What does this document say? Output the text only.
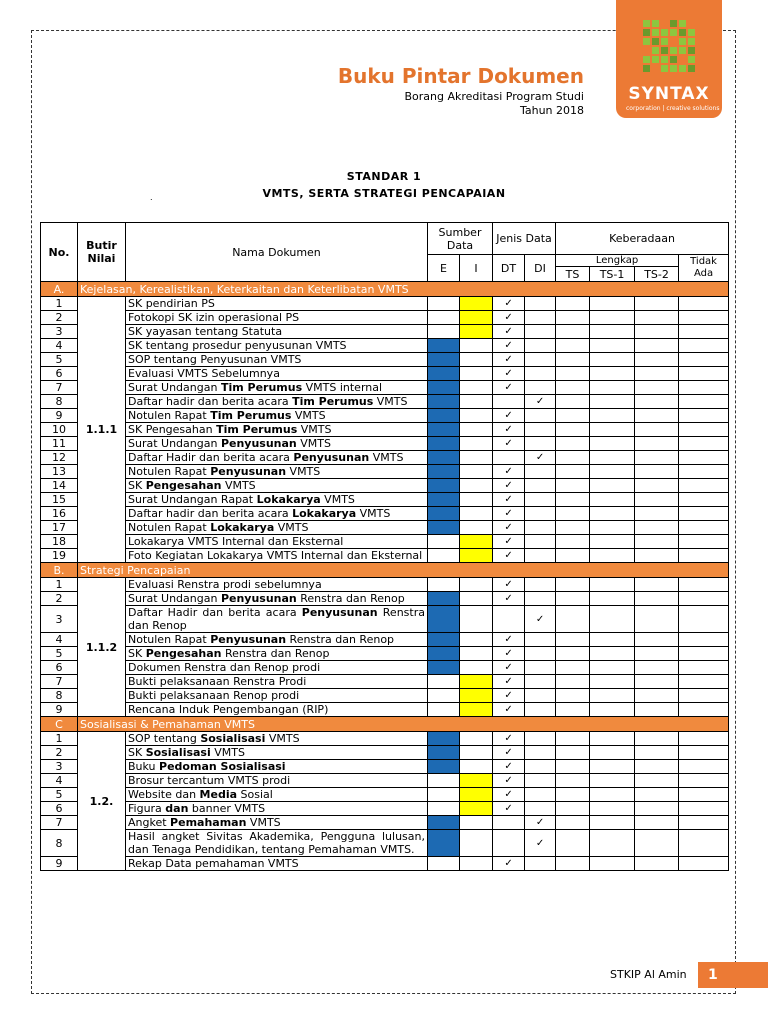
SYNTAX
corporation | creative solutions
Buku Pintar Dokumen
Borang Akreditasi Program Studi
Tahun 2018
STANDAR 1
VMTS, SERTA STRATEGI PENCAPAIAN
.
No.	Butir Nilai	Nama Dokumen	Sumber Data		Jenis Data		Keberadaan			
			E	I	DT	DI	Lengkap			Tidak Ada
							TS	TS-1	TS-2	
A.	Kejelasan, Kerealistikan, Keterkaitan dan Keterlibatan VMTS									
1	1.1.1	SK pendirian PS			✓					
2		Fotokopi SK izin operasional PS			✓					
3		SK yayasan tentang Statuta			✓					
4		SK tentang prosedur penyusunan VMTS			✓					
5		SOP tentang Penyusunan VMTS			✓					
6		Evaluasi VMTS Sebelumnya			✓					
7		Surat Undangan Tim Perumus VMTS internal			✓					
8		Daftar hadir dan berita acara Tim Perumus VMTS				✓				
9		Notulen Rapat Tim Perumus VMTS			✓					
10		SK Pengesahan Tim Perumus VMTS			✓					
11		Surat Undangan Penyusunan VMTS			✓					
12		Daftar Hadir dan berita acara Penyusunan VMTS				✓				
13		Notulen Rapat Penyusunan VMTS			✓					
14		SK Pengesahan VMTS			✓					
15		Surat Undangan Rapat Lokakarya VMTS			✓					
16		Daftar hadir dan berita acara Lokakarya VMTS			✓					
17		Notulen Rapat Lokakarya VMTS			✓					
18		Lokakarya VMTS Internal dan Eksternal			✓					
19		Foto Kegiatan Lokakarya VMTS Internal dan Eksternal			✓					
B.	Strategi Pencapaian									
1	1.1.2	Evaluasi Renstra prodi sebelumnya			✓					
2		Surat Undangan Penyusunan Renstra dan Renop			✓					
3		Daftar Hadir dan berita acara Penyusunan Renstra dan Renop				✓				
4		Notulen Rapat Penyusunan Renstra dan Renop			✓					
5		SK Pengesahan Renstra dan Renop			✓					
6		Dokumen Renstra dan Renop prodi			✓					
7		Bukti pelaksanaan Renstra Prodi			✓					
8		Bukti pelaksanaan Renop prodi			✓					
9		Rencana Induk Pengembangan (RIP)			✓					
C	Sosialisasi & Pemahaman VMTS									
1	1.2.	SOP tentang Sosialisasi VMTS			✓					
2		SK Sosialisasi VMTS			✓					
3		Buku Pedoman Sosialisasi			✓					
4		Brosur tercantum VMTS prodi			✓					
5		Website dan Media Sosial			✓					
6		Figura dan banner VMTS			✓					
7		Angket Pemahaman VMTS				✓				
8		Hasil angket Sivitas Akademika, Pengguna lulusan, dan Tenaga Pendidikan, tentang Pemahaman VMTS.				✓				
9		Rekap Data pemahaman VMTS			✓					
STKIP Al Amin	1
